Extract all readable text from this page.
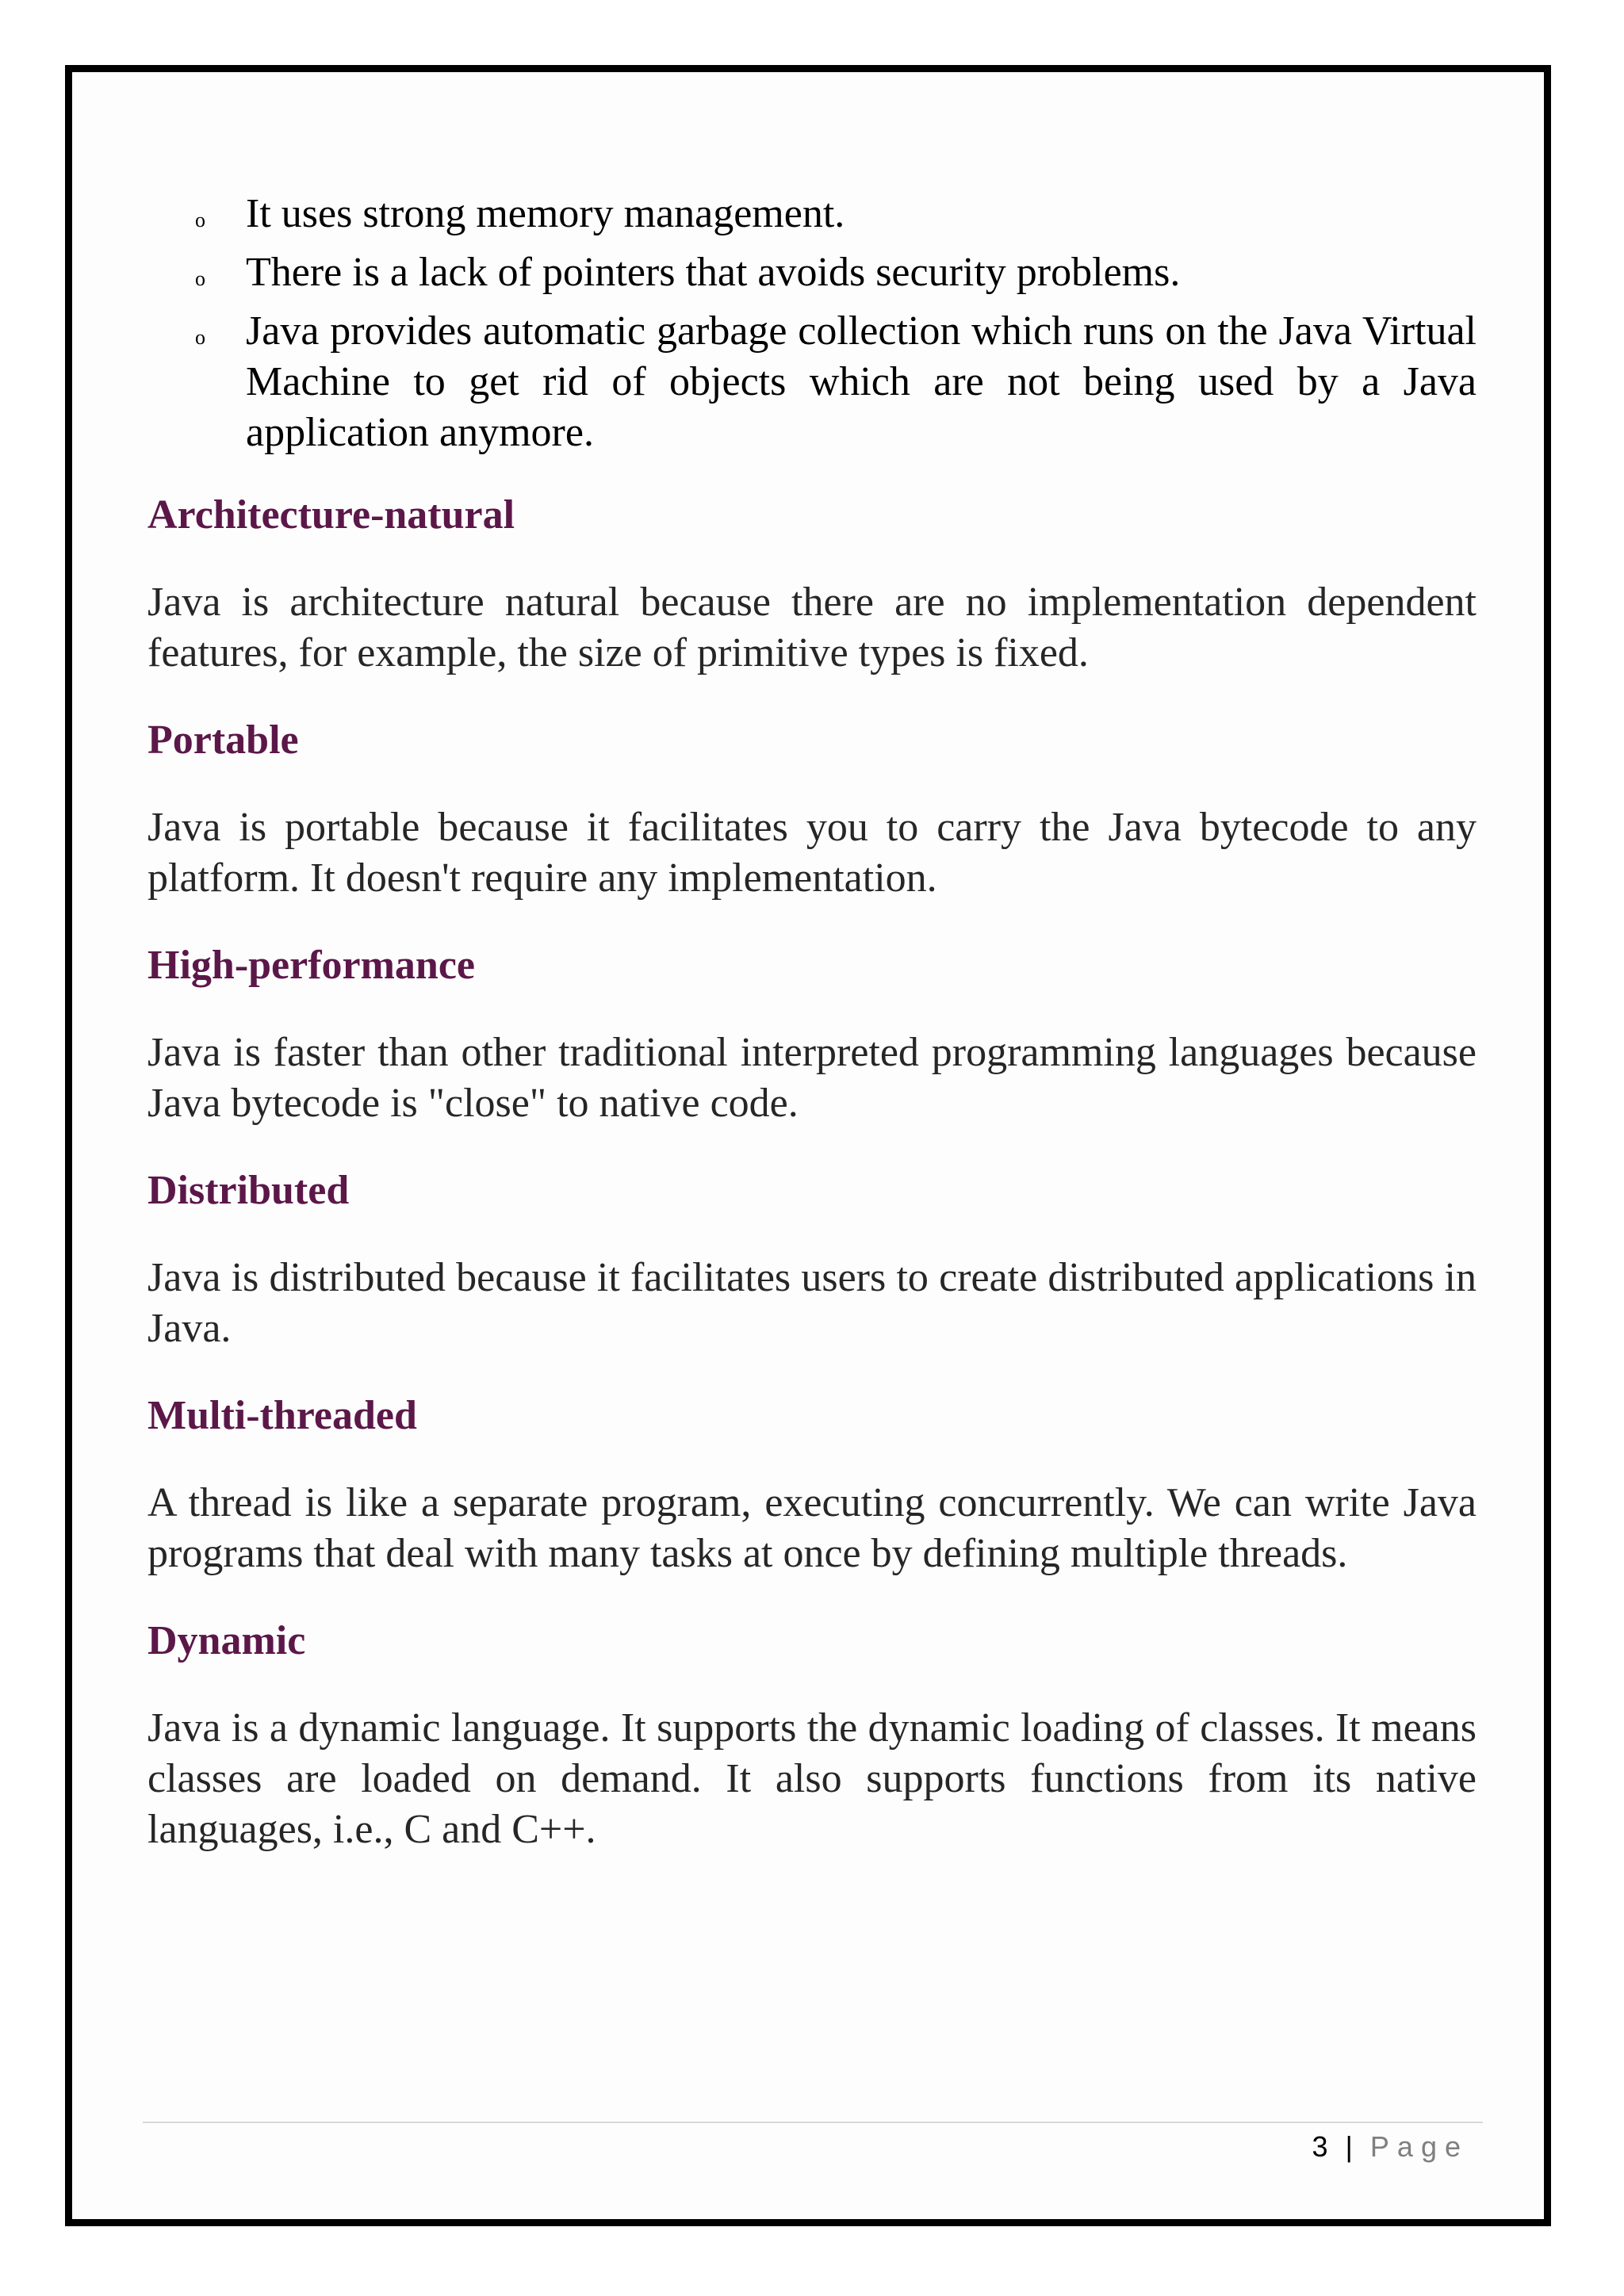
o It uses strong memory management.
o There is a lack of pointers that avoids security problems.
o Java provides automatic garbage collection which runs on the Java Virtual Machine to get rid of objects which are not being used by a Java application anymore.
Architecture-natural

Java is architecture natural because there are no implementation dependent features, for example, the size of primitive types is fixed.

Portable

Java is portable because it facilitates you to carry the Java bytecode to any platform. It doesn't require any implementation.

High-performance

Java is faster than other traditional interpreted programming languages because Java bytecode is "close" to native code.

Distributed

Java is distributed because it facilitates users to create distributed applications in Java.

Multi-threaded

A thread is like a separate program, executing concurrently. We can write Java programs that deal with many tasks at once by defining multiple threads.

Dynamic

Java is a dynamic language. It supports the dynamic loading of classes. It means classes are loaded on demand. It also supports functions from its native languages, i.e., C and C++.

3 | Page
